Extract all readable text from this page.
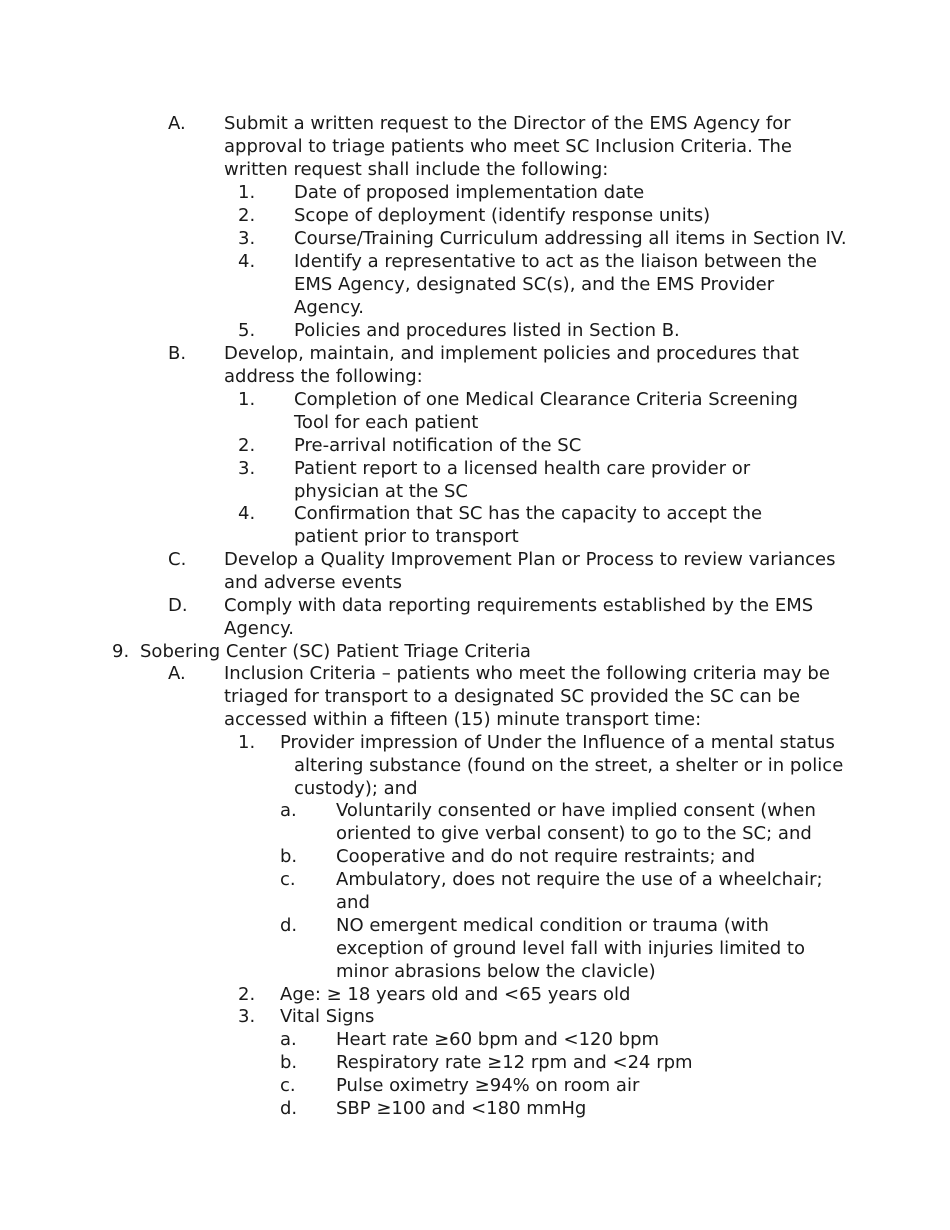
A. Submit a written request to the Director of the EMS Agency for
approval to triage patients who meet SC Inclusion Criteria. The
written request shall include the following:
1. Date of proposed implementation date
2. Scope of deployment (identify response units)
3. Course/Training Curriculum addressing all items in Section IV.
4. Identify a representative to act as the liaison between the
EMS Agency, designated SC(s), and the EMS Provider
Agency.
5. Policies and procedures listed in Section B.
B. Develop, maintain, and implement policies and procedures that
address the following:
1. Completion of one Medical Clearance Criteria Screening
Tool for each patient
2. Pre-arrival notification of the SC
3. Patient report to a licensed health care provider or
physician at the SC
4. Confirmation that SC has the capacity to accept the
patient prior to transport
C. Develop a Quality Improvement Plan or Process to review variances
and adverse events
D. Comply with data reporting requirements established by the EMS
Agency.
9. Sobering Center (SC) Patient Triage Criteria
A. Inclusion Criteria – patients who meet the following criteria may be
triaged for transport to a designated SC provided the SC can be
accessed within a fifteen (15) minute transport time:
1. Provider impression of Under the Influence of a mental status
altering substance (found on the street, a shelter or in police
custody); and
a. Voluntarily consented or have implied consent (when
oriented to give verbal consent) to go to the SC; and
b. Cooperative and do not require restraints; and
c. Ambulatory, does not require the use of a wheelchair;
and
d. NO emergent medical condition or trauma (with
exception of ground level fall with injuries limited to
minor abrasions below the clavicle)
2. Age: ≥ 18 years old and <65 years old
3. Vital Signs
a. Heart rate ≥60 bpm and <120 bpm
b. Respiratory rate ≥12 rpm and <24 rpm
c. Pulse oximetry ≥94% on room air
d. SBP ≥100 and <180 mmHg
